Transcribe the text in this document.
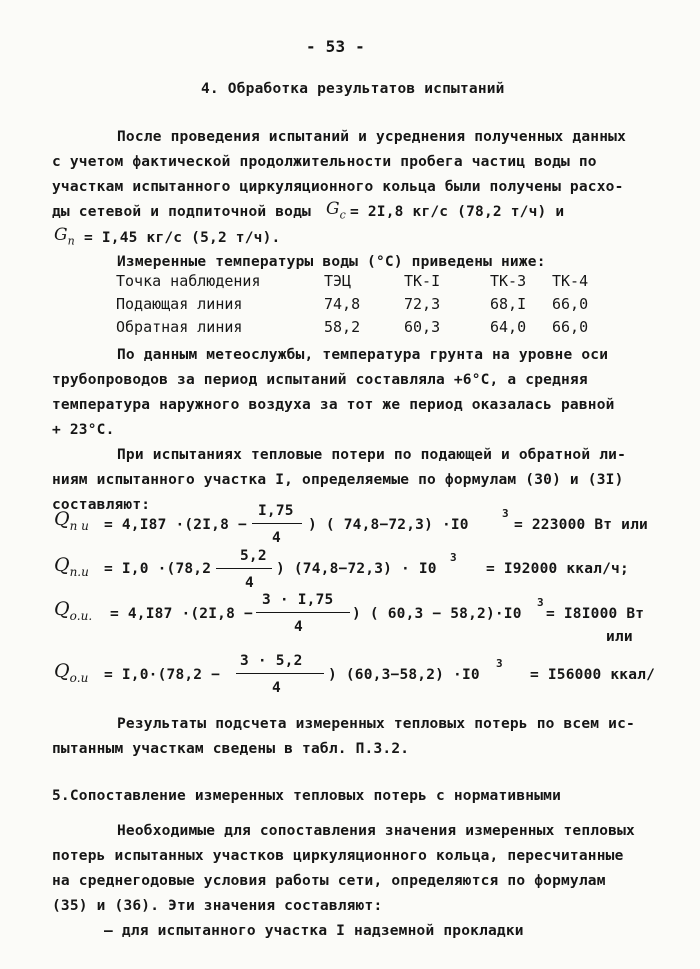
- 53 -
4. Обработка результатов испытаний
После проведения испытаний и усреднения полученных данных
с учетом фактической продолжительности пробега частиц воды по
участкам испытанного циркуляционного кольца были получены расхо-
ды сетевой и подпиточной воды $G_c = 2I,8$ кг/с (78,2 т/ч) и
$G_п = I,45$ кг/с (5,2 т/ч).
Измеренные температуры воды (°C) приведены ниже:
Точка наблюдения	ТЭЦ	ТК-I	ТК-3	ТК-4
Подающая линия	74,8	72,3	68,I	66,0
Обратная линия	58,2	60,3	64,0	66,0
По данным метеослужбы, температура грунта на уровне оси
трубопроводов за период испытаний составляла +6°C, а средняя
температура наружного воздуха за тот же период оказалась равной
+ 23°C.
При испытаниях тепловые потери по подающей и обратной ли-
ниям испытанного участка I, определяемые по формулам (30) и (3I)
составляют:
$Q_{п и} = 4,I87 \cdot(2I,8$ −
I,75
4
) ( 74,8−72,3) ·I0
3
= 223000 Вт или
$Q_{п.и} = I,0 \cdot(78,2$
5,2
4
) (74,8−72,3) · I0
3
= I92000 ккал/ч;
$Q_{о.и.} = 4,I87 \cdot(2I,8$ −
3 · I,75
4
) ( 60,3 − 58,2)·I0
3
= I8I000 Вт
или
$Q_{о.и} = I,0\cdot(78,2$ −
3 · 5,2
4
) (60,3−58,2) ·I0
3
= I56000 ккал/
Результаты подсчета измеренных тепловых потерь по всем ис-
пытанным участкам сведены в табл. П.3.2.
5.Сопоставление измеренных тепловых потерь с нормативными
Необходимые для сопоставления значения измеренных тепловых
потерь испытанных участков циркуляционного кольца, пересчитанные
на среднегодовые условия работы сети, определяются по формулам
(35) и (36). Эти значения составляют:
– для испытанного участка I надземной прокладки
